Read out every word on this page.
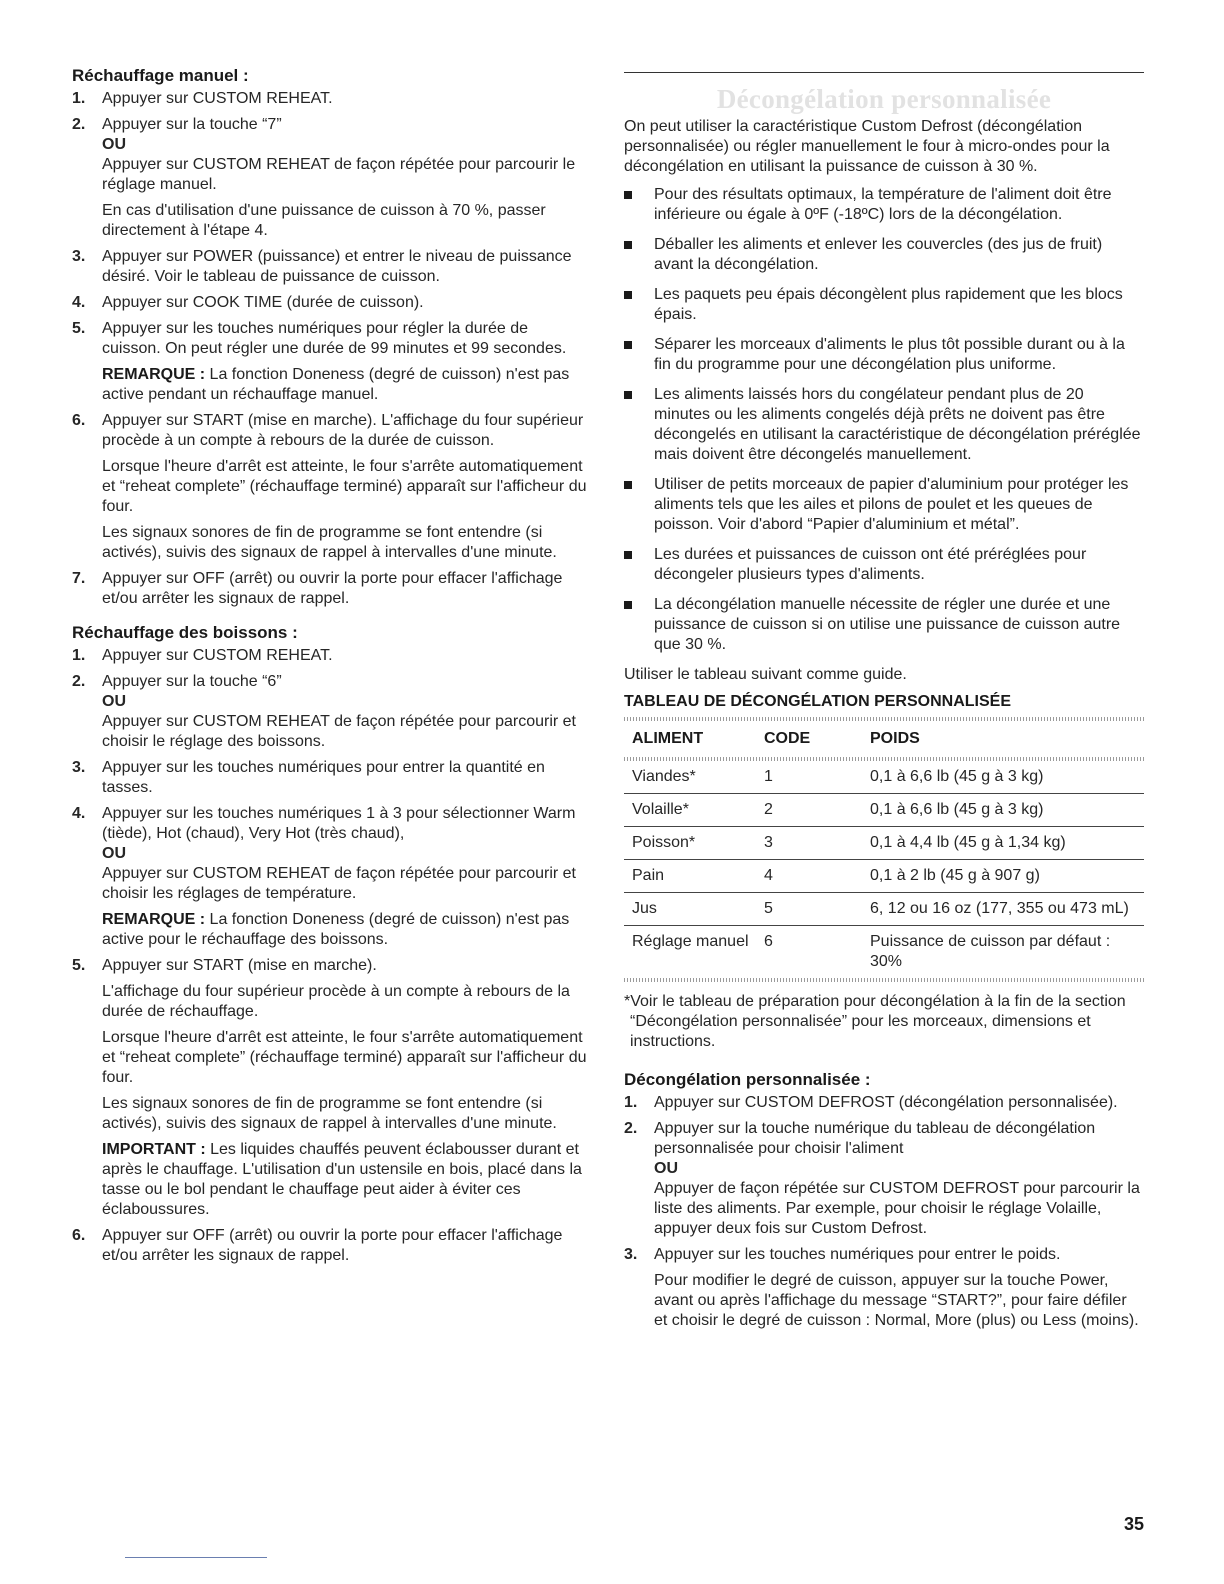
Réchauffage manuel :
1. Appuyer sur CUSTOM REHEAT.

2. Appuyer sur la touche “7”

OU

Appuyer sur CUSTOM REHEAT de façon répétée pour parcourir le réglage manuel.

En cas d'utilisation d'une puissance de cuisson à 70 %, passer directement à l'étape 4.

3. Appuyer sur POWER (puissance) et entrer le niveau de puissance désiré. Voir le tableau de puissance de cuisson.

4. Appuyer sur COOK TIME (durée de cuisson).

5. Appuyer sur les touches numériques pour régler la durée de cuisson. On peut régler une durée de 99 minutes et 99 secondes.

REMARQUE : La fonction Doneness (degré de cuisson) n'est pas active pendant un réchauffage manuel.

6. Appuyer sur START (mise en marche). L'affichage du four supérieur procède à un compte à rebours de la durée de cuisson.

Lorsque l'heure d'arrêt est atteinte, le four s'arrête automatiquement et “reheat complete” (réchauffage terminé) apparaît sur l'afficheur du four.

Les signaux sonores de fin de programme se font entendre (si activés), suivis des signaux de rappel à intervalles d'une minute.

7. Appuyer sur OFF (arrêt) ou ouvrir la porte pour effacer l'affichage et/ou arrêter les signaux de rappel.

Réchauffage des boissons :
1. Appuyer sur CUSTOM REHEAT.

2. Appuyer sur la touche “6”

OU

Appuyer sur CUSTOM REHEAT de façon répétée pour parcourir et choisir le réglage des boissons.

3. Appuyer sur les touches numériques pour entrer la quantité en tasses.

4. Appuyer sur les touches numériques 1 à 3 pour sélectionner Warm (tiède), Hot (chaud), Very Hot (très chaud),

OU

Appuyer sur CUSTOM REHEAT de façon répétée pour parcourir et choisir les réglages de température.

REMARQUE : La fonction Doneness (degré de cuisson) n'est pas active pour le réchauffage des boissons.

5. Appuyer sur START (mise en marche).

L'affichage du four supérieur procède à un compte à rebours de la durée de réchauffage.

Lorsque l'heure d'arrêt est atteinte, le four s'arrête automatiquement et “reheat complete” (réchauffage terminé) apparaît sur l'afficheur du four.

Les signaux sonores de fin de programme se font entendre (si activés), suivis des signaux de rappel à intervalles d'une minute.

IMPORTANT : Les liquides chauffés peuvent éclabousser durant et après le chauffage. L'utilisation d'un ustensile en bois, placé dans la tasse ou le bol pendant le chauffage peut aider à éviter ces éclaboussures.

6. Appuyer sur OFF (arrêt) ou ouvrir la porte pour effacer l'affichage et/ou arrêter les signaux de rappel.

Décongélation personnalisée

On peut utiliser la caractéristique Custom Defrost (décongélation personnalisée) ou régler manuellement le four à micro-ondes pour la décongélation en utilisant la puissance de cuisson à 30 %.

Pour des résultats optimaux, la température de l'aliment doit être inférieure ou égale à 0ºF (-18ºC) lors de la décongélation.
Déballer les aliments et enlever les couvercles (des jus de fruit) avant la décongélation.
Les paquets peu épais décongèlent plus rapidement que les blocs épais.
Séparer les morceaux d'aliments le plus tôt possible durant ou à la fin du programme pour une décongélation plus uniforme.
Les aliments laissés hors du congélateur pendant plus de 20 minutes ou les aliments congelés déjà prêts ne doivent pas être décongelés en utilisant la caractéristique de décongélation préréglée mais doivent être décongelés manuellement.
Utiliser de petits morceaux de papier d'aluminium pour protéger les aliments tels que les ailes et pilons de poulet et les queues de poisson. Voir d'abord “Papier d'aluminium et métal”.
Les durées et puissances de cuisson ont été préréglées pour décongeler plusieurs types d'aliments.
La décongélation manuelle nécessite de régler une durée et une puissance de cuisson si on utilise une puissance de cuisson autre que 30 %.

Utiliser le tableau suivant comme guide.

TABLEAU DE DÉCONGÉLATION PERSONNALISÉE
ALIMENT	CODE	POIDS
Viandes*	1	0,1 à 6,6 lb (45 g à 3 kg)
Volaille*	2	0,1 à 6,6 lb (45 g à 3 kg)
Poisson*	3	0,1 à 4,4 lb (45 g à 1,34 kg)
Pain	4	0,1 à 2 lb (45 g à 907 g)
Jus	5	6, 12 ou 16 oz (177, 355 ou 473 mL)
Réglage manuel	6	Puissance de cuisson par défaut : 30%

*Voir le tableau de préparation pour décongélation à la fin de la section “Décongélation personnalisée” pour les morceaux, dimensions et instructions.

Décongélation personnalisée :
1. Appuyer sur CUSTOM DEFROST (décongélation personnalisée).

2. Appuyer sur la touche numérique du tableau de décongélation personnalisée pour choisir l'aliment

OU

Appuyer de façon répétée sur CUSTOM DEFROST pour parcourir la liste des aliments. Par exemple, pour choisir le réglage Volaille, appuyer deux fois sur Custom Defrost.

3. Appuyer sur les touches numériques pour entrer le poids.

Pour modifier le degré de cuisson, appuyer sur la touche Power, avant ou après l'affichage du message “START?”, pour faire défiler et choisir le degré de cuisson : Normal, More (plus) ou Less (moins).

35
